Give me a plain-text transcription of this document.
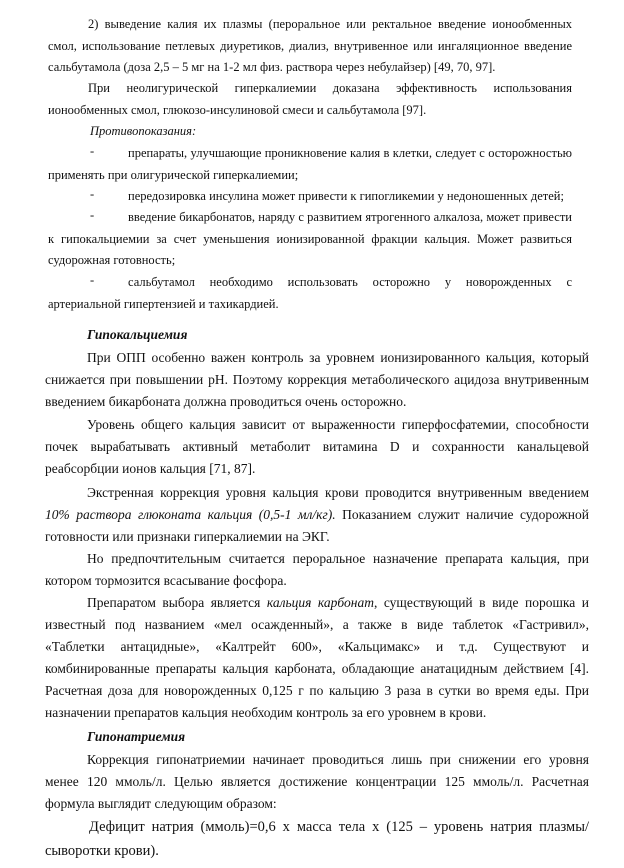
2) выведение калия их плазмы (пероральное или ректальное введение ионообменных смол, использование петлевых диуретиков, диализ, внутривенное или ингаляционное введение сальбутамола (доза 2,5 – 5 мг на 1-2 мл физ. раствора через небулайзер) [49, 70, 97].

При неолигурической гиперкалиемии доказана эффективность использования ионообменных смол, глюкозо-инсулиновой смеси и сальбутамола [97].

Противопоказания:

-	препараты, улучшающие проникновение калия в клетки, следует с осторожностью применять при олигурической гиперкалиемии;

-	передозировка инсулина может привести к гипогликемии у недоношенных детей;

-	введение бикарбонатов, наряду с развитием ятрогенного алкалоза, может привести к гипокальциемии за счет уменьшения ионизированной фракции кальция. Может развиться судорожная готовность;

-	сальбутамол необходимо использовать осторожно у новорожденных с артериальной гипертензией и тахикардией.

Гипокальциемия

При ОПП особенно важен контроль за уровнем ионизированного кальция, который снижается при повышении pH. Поэтому коррекция метаболического ацидоза внутривенным введением бикарбоната должна проводиться очень осторожно.

Уровень общего кальция зависит от выраженности гиперфосфатемии, способности почек вырабатывать активный метаболит витамина D и сохранности канальцевой реабсорбции ионов кальция [71, 87].

Экстренная коррекция уровня кальция крови проводится внутривенным введением 10% раствора глюконата кальция (0,5-1 мл/кг). Показанием служит наличие судорожной готовности или признаки гиперкалиемии на ЭКГ.

Но предпочтительным считается пероральное назначение препарата кальция, при котором тормозится всасывание фосфора.

Препаратом выбора является кальция карбонат, существующий в виде порошка и известный под названием «мел осажденный», а также в виде таблеток «Гастривил», «Таблетки антацидные», «Калтрейт 600», «Кальцимакс» и т.д. Существуют и комбинированные препараты кальция карбоната, обладающие анатацидным действием [4]. Расчетная доза для новорожденных 0,125 г по кальцию 3 раза в сутки во время еды. При назначении препаратов кальция необходим контроль за его уровнем в крови.

Гипонатриемия

Коррекция гипонатриемии начинает проводиться лишь при снижении его уровня менее 120 ммоль/л. Целью является достижение концентрации 125 ммоль/л. Расчетная формула выглядит следующим образом:

Дефицит натрия (ммоль)=0,6 х масса тела х (125 – уровень натрия плазмы/сыворотки крови).
